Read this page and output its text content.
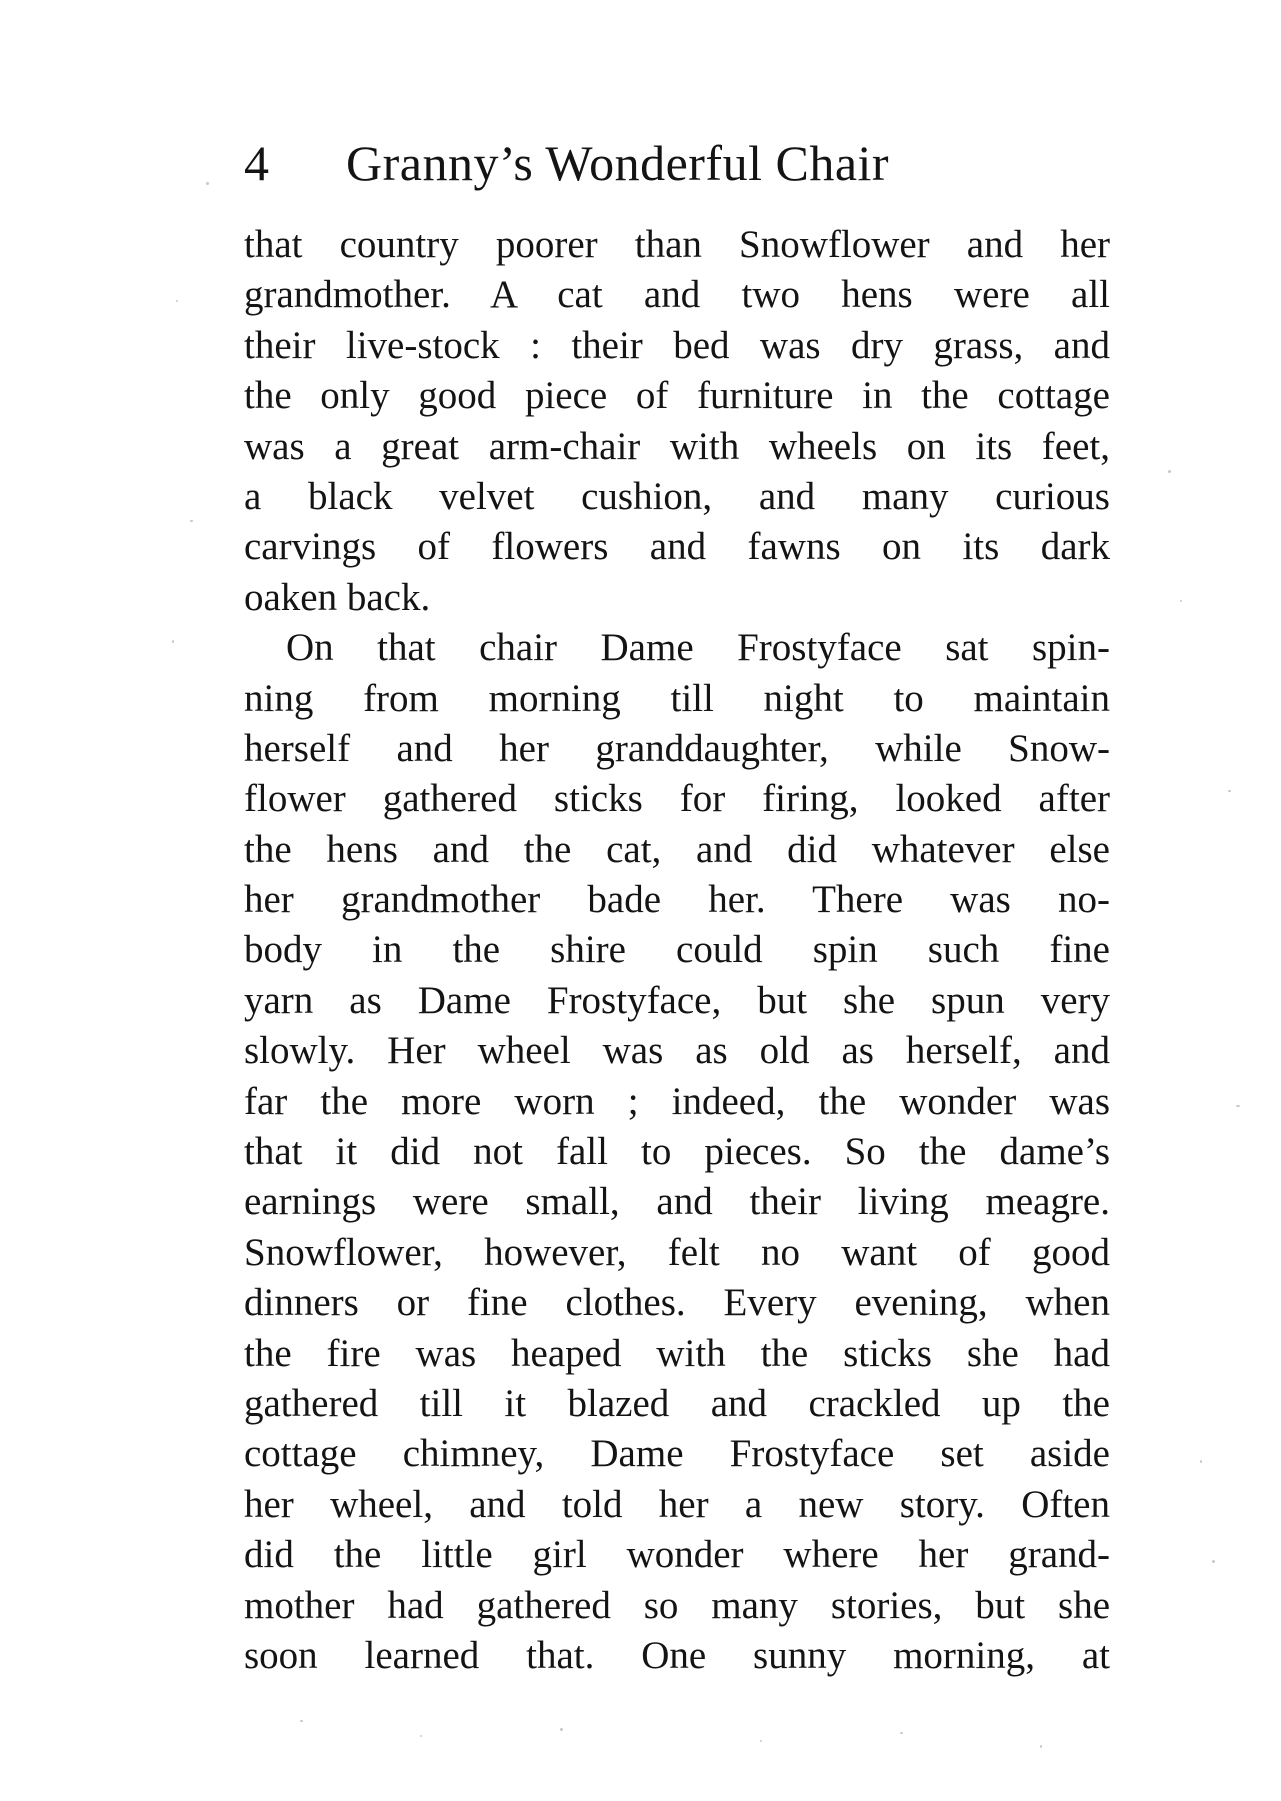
4 Granny’s Wonderful Chair
that country poorer than Snowflower and her
grandmother. A cat and two hens were all
their live-stock : their bed was dry grass, and
the only good piece of furniture in the cottage
was a great arm-chair with wheels on its feet,
a black velvet cushion, and many curious
carvings of flowers and fawns on its dark
oaken back.
On that chair Dame Frostyface sat spin-
ning from morning till night to maintain
herself and her granddaughter, while Snow-
flower gathered sticks for firing, looked after
the hens and the cat, and did whatever else
her grandmother bade her. There was no-
body in the shire could spin such fine
yarn as Dame Frostyface, but she spun very
slowly. Her wheel was as old as herself, and
far the more worn ; indeed, the wonder was
that it did not fall to pieces. So the dame’s
earnings were small, and their living meagre.
Snowflower, however, felt no want of good
dinners or fine clothes. Every evening, when
the fire was heaped with the sticks she had
gathered till it blazed and crackled up the
cottage chimney, Dame Frostyface set aside
her wheel, and told her a new story. Often
did the little girl wonder where her grand-
mother had gathered so many stories, but she
soon learned that. One sunny morning, at
